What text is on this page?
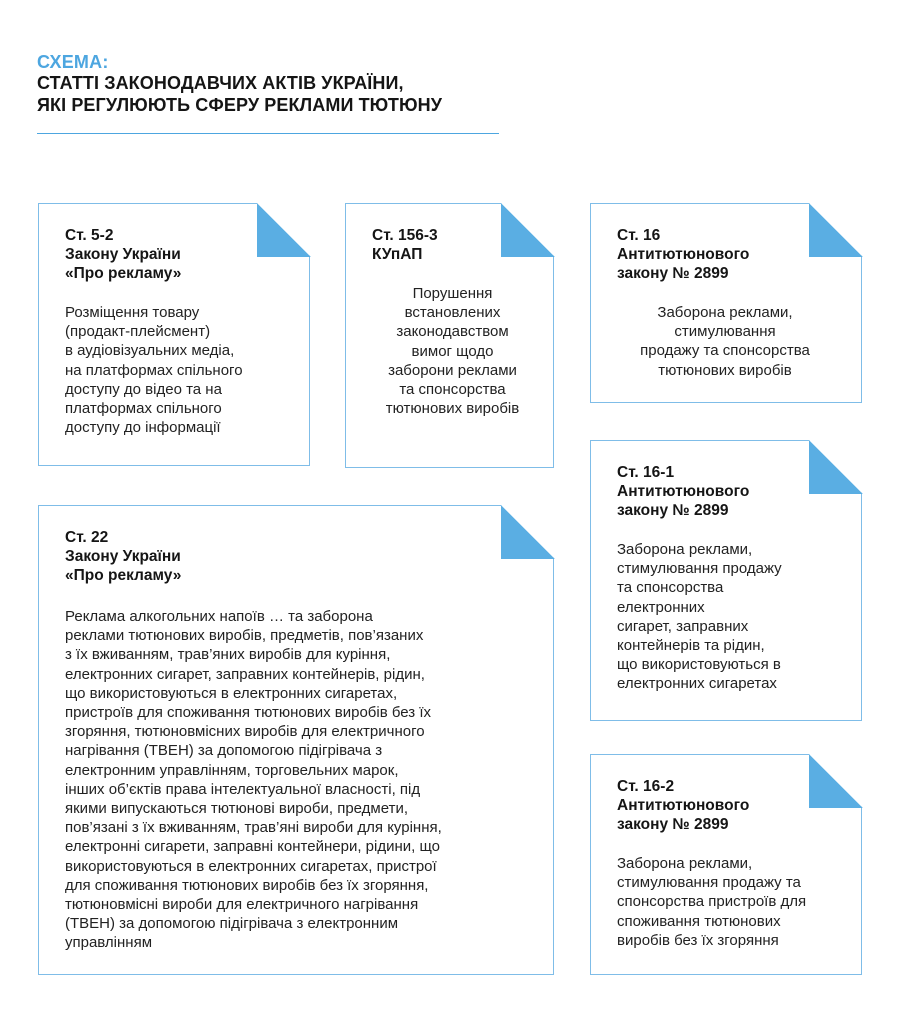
СХЕМА:
СТАТТІ ЗАКОНОДАВЧИХ АКТІВ УКРАЇНИ,
ЯКІ РЕГУЛЮЮТЬ СФЕРУ РЕКЛАМИ ТЮТЮНУ
Ст. 5-2
Закону України
«Про рекламу»
Розміщення товару
(продакт-плейсмент)
в аудіовізуальних медіа,
на платформах спільного
доступу до відео та на
платформах спільного
доступу до інформації
Ст. 156-3
КУпАП
Порушення
встановлених
законодавством
вимог щодо
заборони реклами
та спонсорства
тютюнових виробів
Ст. 16
Антитютюнового
закону № 2899
Заборона реклами,
стимулювання
продажу та спонсорства
тютюнових виробів
Ст. 16-1
Антитютюнового
закону № 2899
Заборона реклами,
стимулювання продажу
та спонсорства
електронних
сигарет, заправних
контейнерів та рідин,
що використовуються в
електронних сигаретах
Ст. 22
Закону України
«Про рекламу»
Реклама алкогольних напоїв … та заборона
реклами тютюнових виробів, предметів, пов’язаних
з їх вживанням, трав’яних виробів для куріння,
електронних сигарет, заправних контейнерів, рідин,
що використовуються в електронних сигаретах,
пристроїв для споживання тютюнових виробів без їх
згоряння, тютюновмісних виробів для електричного
нагрівання (ТВЕН) за допомогою підігрівача з
електронним управлінням, торговельних марок,
інших об’єктів права інтелектуальної власності, під
якими випускаються тютюнові вироби, предмети,
пов’язані з їх вживанням, трав’яні вироби для куріння,
електронні сигарети, заправні контейнери, рідини, що
використовуються в електронних сигаретах, пристрої
для споживання тютюнових виробів без їх згоряння,
тютюновмісні вироби для електричного нагрівання
(ТВЕН) за допомогою підігрівача з електронним
управлінням
Ст. 16-2
Антитютюнового
закону № 2899
Заборона реклами,
стимулювання продажу та
спонсорства пристроїв для
споживання тютюнових
виробів без їх згоряння
